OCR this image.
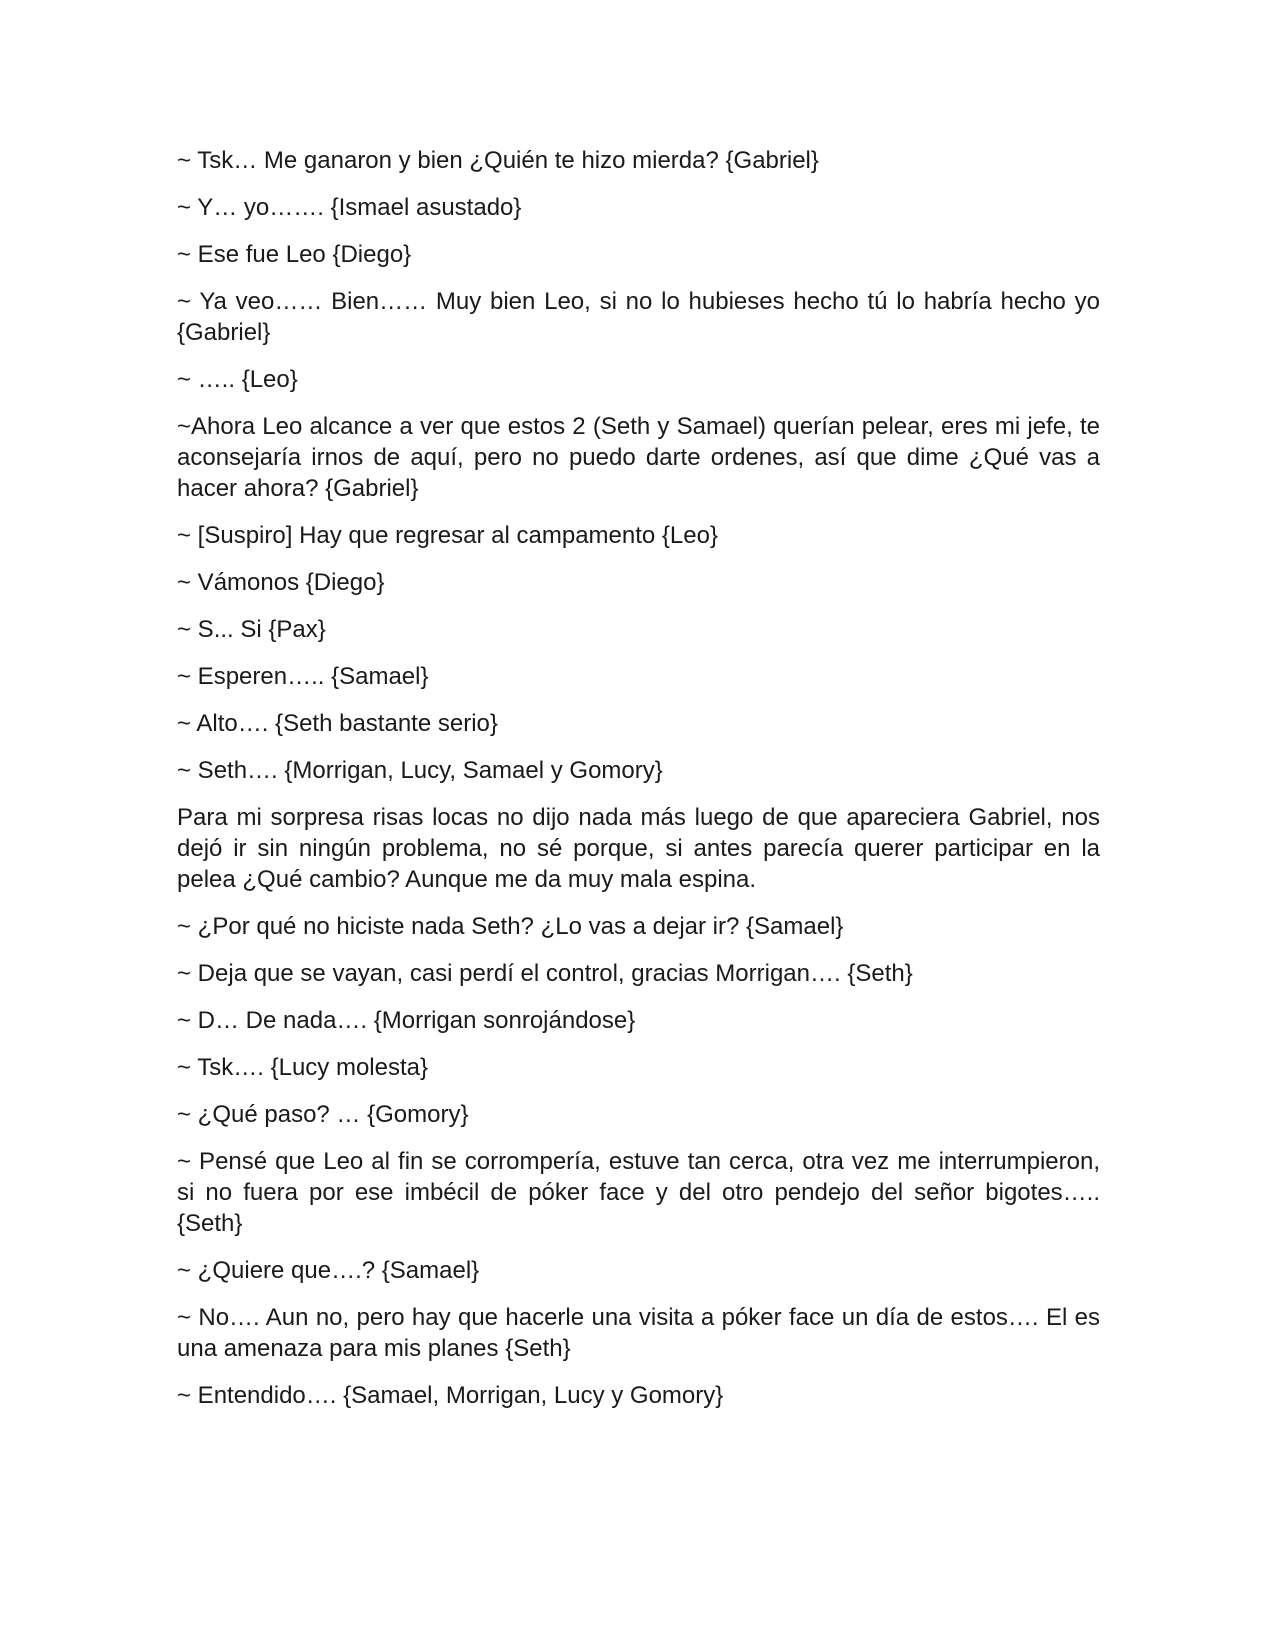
~ Tsk… Me ganaron y bien ¿Quién te hizo mierda? {Gabriel}

~ Y… yo……. {Ismael asustado}

~ Ese fue Leo {Diego}

~ Ya veo…… Bien…… Muy bien Leo, si no lo hubieses hecho tú lo habría hecho yo {Gabriel}

~ ….. {Leo}

~Ahora Leo alcance a ver que estos 2 (Seth y Samael) querían pelear, eres mi jefe, te aconsejaría irnos de aquí, pero no puedo darte ordenes, así que dime ¿Qué vas a hacer ahora? {Gabriel}

~ [Suspiro] Hay que regresar al campamento {Leo}

~ Vámonos {Diego}

~ S... Si {Pax}

~ Esperen….. {Samael}

~ Alto…. {Seth bastante serio}

~ Seth…. {Morrigan, Lucy, Samael y Gomory}

Para mi sorpresa risas locas no dijo nada más luego de que apareciera Gabriel, nos dejó ir sin ningún problema, no sé porque, si antes parecía querer participar en la pelea ¿Qué cambio? Aunque me da muy mala espina.

~ ¿Por qué no hiciste nada Seth? ¿Lo vas a dejar ir? {Samael}

~ Deja que se vayan, casi perdí el control, gracias Morrigan…. {Seth}

~ D… De nada…. {Morrigan sonrojándose}

~ Tsk…. {Lucy molesta}

~ ¿Qué paso? … {Gomory}

~ Pensé que Leo al fin se corrompería, estuve tan cerca, otra vez me interrumpieron, si no fuera por ese imbécil de póker face y del otro pendejo del señor bigotes….. {Seth}

~ ¿Quiere que….? {Samael}

~ No…. Aun no, pero hay que hacerle una visita a póker face un día de estos…. El es una amenaza para mis planes {Seth}

~ Entendido…. {Samael, Morrigan, Lucy y Gomory}
